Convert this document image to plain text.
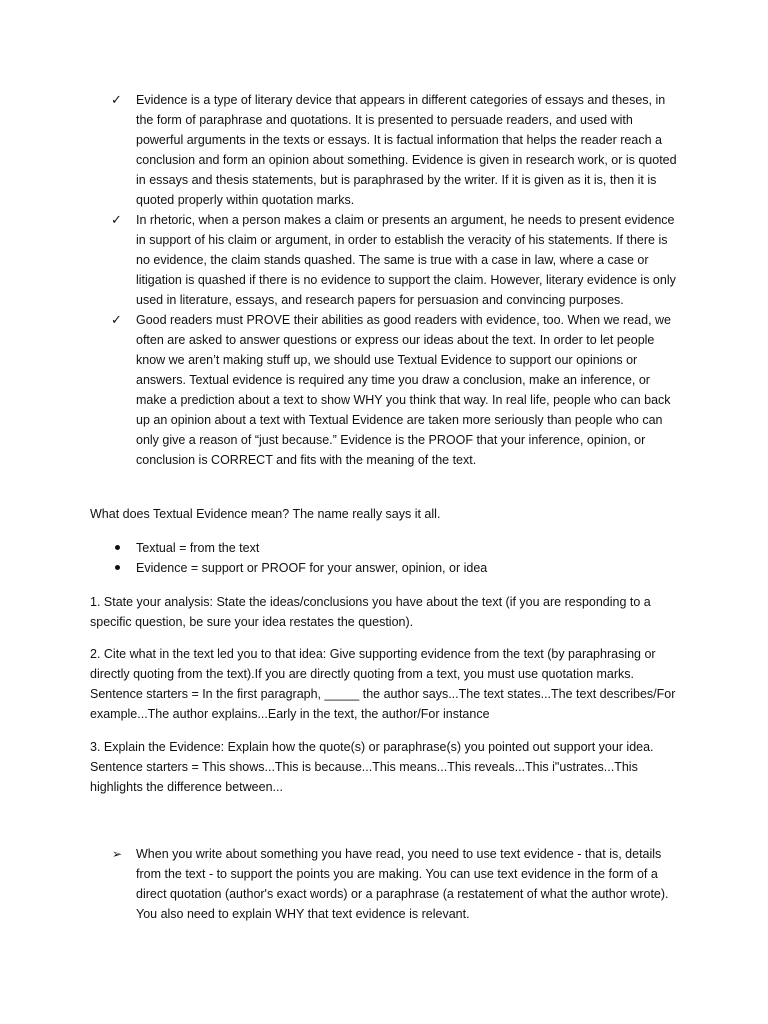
✓ Evidence is a type of literary device that appears in different categories of essays and theses, in the form of paraphrase and quotations. It is presented to persuade readers, and used with powerful arguments in the texts or essays. It is factual information that helps the reader reach a conclusion and form an opinion about something. Evidence is given in research work, or is quoted in essays and thesis statements, but is paraphrased by the writer. If it is given as it is, then it is quoted properly within quotation marks.
✓ In rhetoric, when a person makes a claim or presents an argument, he needs to present evidence in support of his claim or argument, in order to establish the veracity of his statements. If there is no evidence, the claim stands quashed. The same is true with a case in law, where a case or litigation is quashed if there is no evidence to support the claim. However, literary evidence is only used in literature, essays, and research papers for persuasion and convincing purposes.
✓ Good readers must PROVE their abilities as good readers with evidence, too. When we read, we often are asked to answer questions or express our ideas about the text. In order to let people know we aren’t making stuff up, we should use Textual Evidence to support our opinions or answers. Textual evidence is required any time you draw a conclusion, make an inference, or make a prediction about a text to show WHY you think that way. In real life, people who can back up an opinion about a text with Textual Evidence are taken more seriously than people who can only give a reason of “just because.” Evidence is the PROOF that your inference, opinion, or conclusion is CORRECT and fits with the meaning of the text.

What does Textual Evidence mean? The name really says it all.

Textual = from the text
Evidence = support or PROOF for your answer, opinion, or idea

1. State your analysis: State the ideas/conclusions you have about the text (if you are responding to a specific question, be sure your idea restates the question).

2. Cite what in the text led you to that idea: Give supporting evidence from the text (by paraphrasing or directly quoting from the text).If you are directly quoting from a text, you must use quotation marks. Sentence starters = In the first paragraph, _____ the author says...The text states...The text describes/For example...The author explains...Early in the text, the author/For instance

3. Explain the Evidence: Explain how the quote(s) or paraphrase(s) you pointed out support your idea. Sentence starters = This shows...This is because...This means...This reveals...This i"ustrates...This highlights the difference between...

➢ When you write about something you have read, you need to use text evidence - that is, details from the text - to support the points you are making. You can use text evidence in the form of a direct quotation (author's exact words) or a paraphrase (a restatement of what the author wrote). You also need to explain WHY that text evidence is relevant.
